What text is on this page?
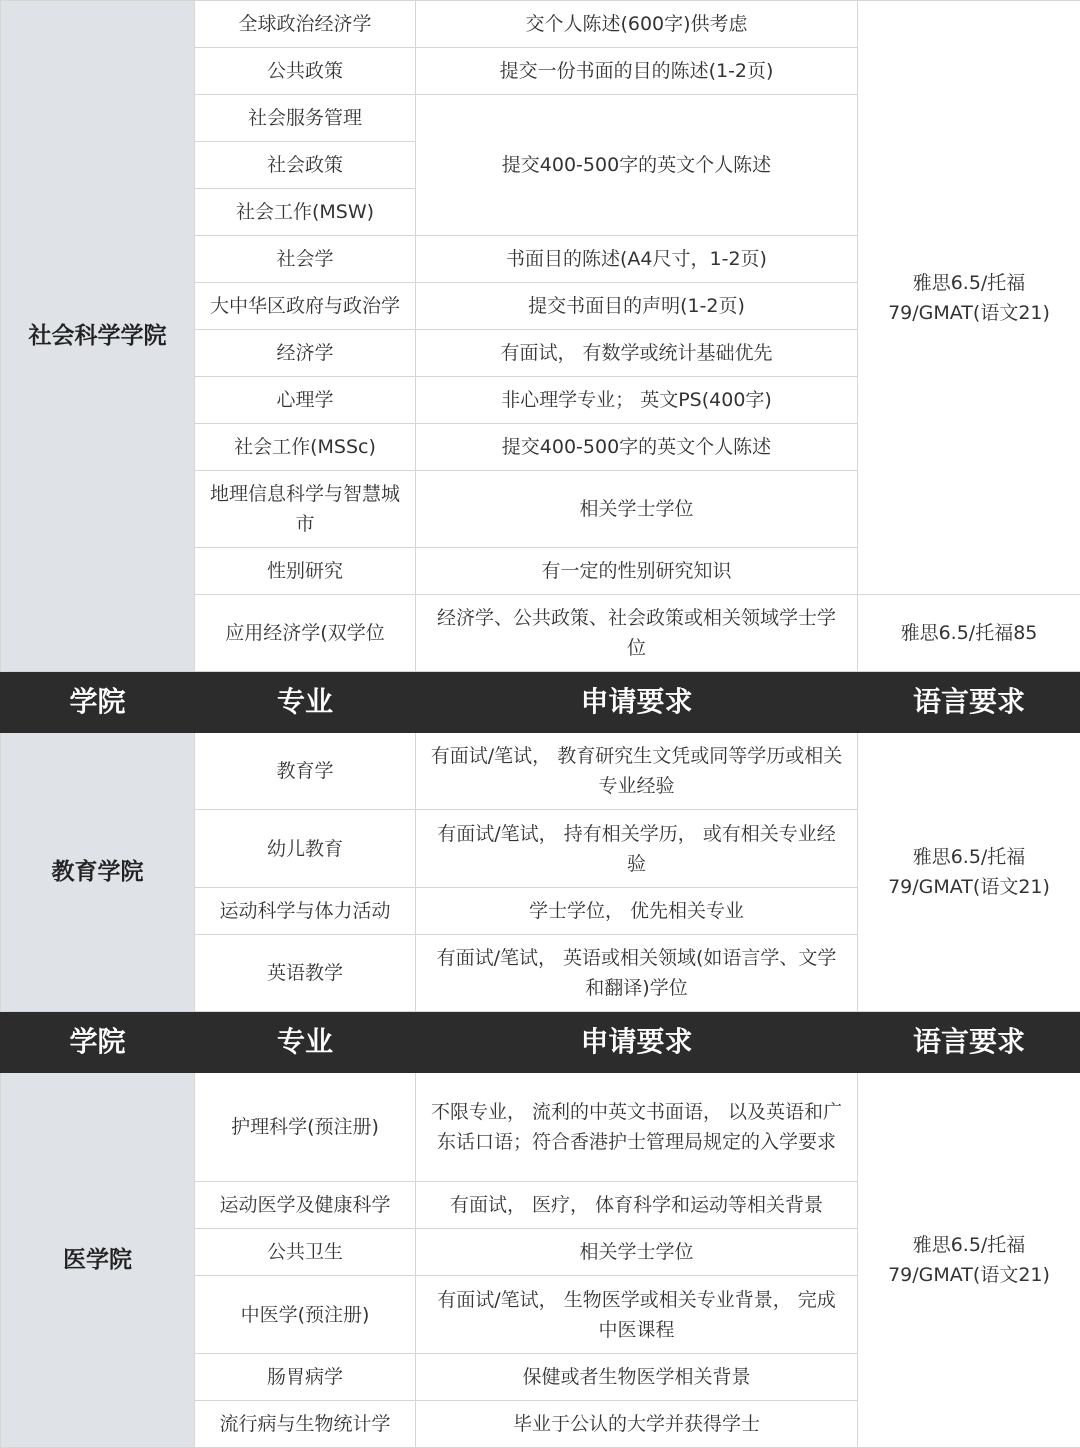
社会科学学院	全球政治经济学	交个人陈述(600字)供考虑	雅思6.5/托福79/GMAT(语文21)
	公共政策	提交一份书面的目的陈述(1-2页)	
	社会服务管理	提交400-500字的英文个人陈述	
	社会政策		
	社会工作(MSW)		
	社会学	书面目的陈述(A4尺寸，1-2页)	
	大中华区政府与政治学	提交书面目的声明(1-2页)	
	经济学	有面试， 有数学或统计基础优先	
	心理学	非心理学专业； 英文PS(400字)	
	社会工作(MSSc)	提交400-500字的英文个人陈述	
	地理信息科学与智慧城市	相关学士学位	
	性别研究	有一定的性别研究知识	
	应用经济学(双学位	经济学、公共政策、社会政策或相关领域学士学位	雅思6.5/托福85
学院	专业	申请要求	语言要求
教育学院	教育学	有面试/笔试， 教育研究生文凭或同等学历或相关专业经验	雅思6.5/托福79/GMAT(语文21)
	幼儿教育	有面试/笔试， 持有相关学历， 或有相关专业经验	
	运动科学与体力活动	学士学位， 优先相关专业	
	英语教学	有面试/笔试， 英语或相关领域(如语言学、文学和翻译)学位	
学院	专业	申请要求	语言要求
医学院	护理科学(预注册)	不限专业， 流利的中英文书面语， 以及英语和广东话口语；符合香港护士管理局规定的入学要求	雅思6.5/托福79/GMAT(语文21)
	运动医学及健康科学	有面试， 医疗， 体育科学和运动等相关背景	
	公共卫生	相关学士学位	
	中医学(预注册)	有面试/笔试， 生物医学或相关专业背景， 完成中医课程	
	肠胃病学	保健或者生物医学相关背景	
	流行病与生物统计学	毕业于公认的大学并获得学士	
